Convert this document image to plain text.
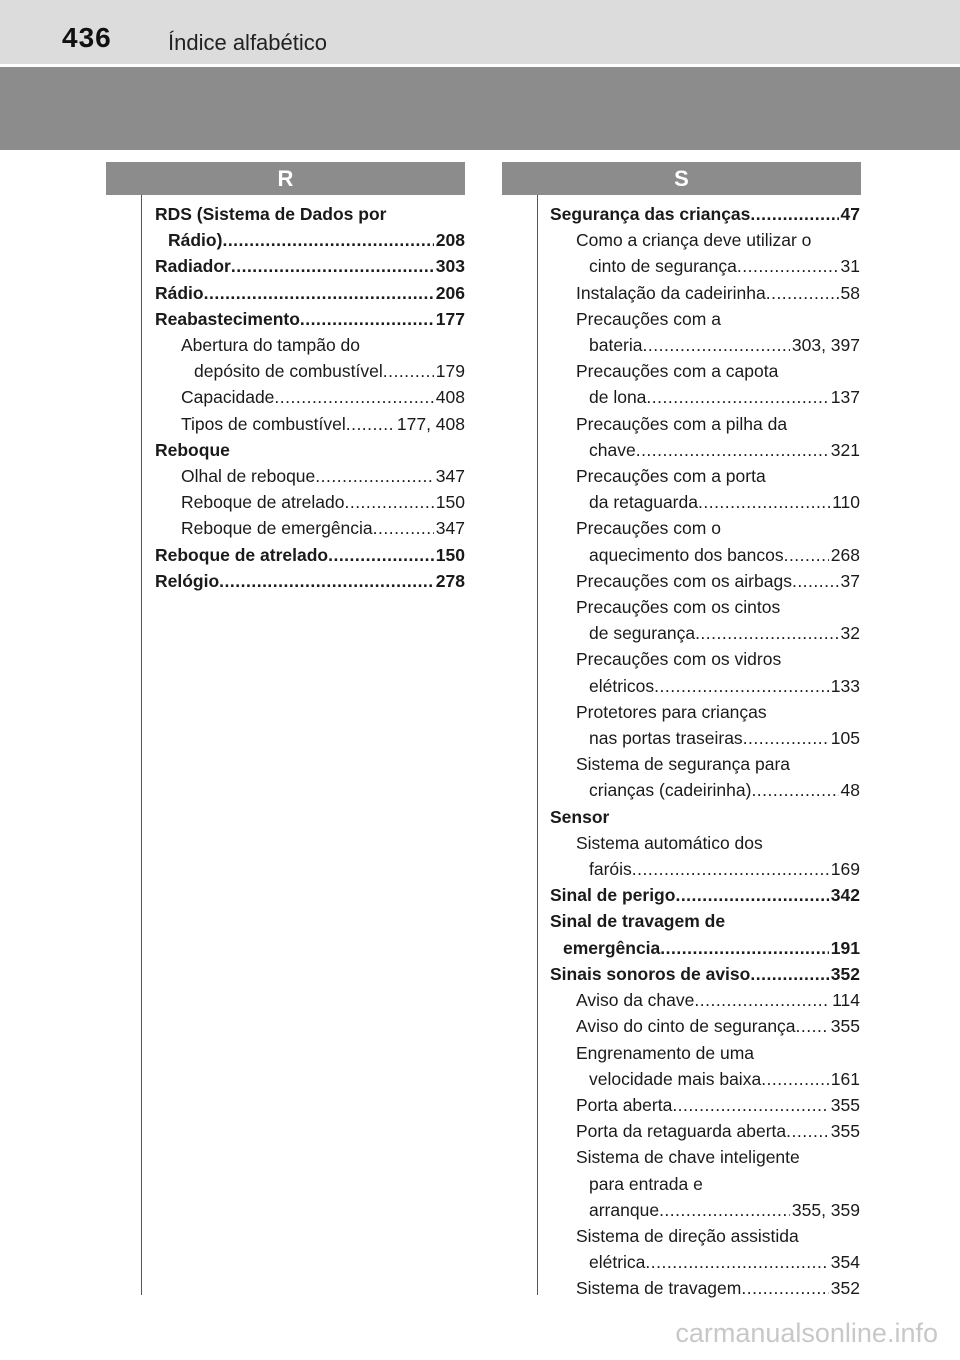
436	Índice alfabético
R	S
RDS (Sistema de Dados por
Rádio) .....	208
Radiador .....	303
Rádio .....	206
Reabastecimento .....	177
Abertura do tampão do
depósito de combustível .....	179
Capacidade .....	408
Tipos de combustível .....	177, 408
Reboque
Olhal de reboque .....	347
Reboque de atrelado .....	150
Reboque de emergência .....	347
Reboque de atrelado .....	150
Relógio .....	278
Segurança das crianças .....	47
Como a criança deve utilizar o
cinto de segurança .....	31
Instalação da cadeirinha .....	58
Precauções com a
bateria .....	303, 397
Precauções com a capota
de lona .....	137
Precauções com a pilha da
chave .....	321
Precauções com a porta
da retaguarda .....	110
Precauções com o
aquecimento dos bancos .....	268
Precauções com os airbags .....	37
Precauções com os cintos
de segurança .....	32
Precauções com os vidros
elétricos .....	133
Protetores para crianças
nas portas traseiras .....	105
Sistema de segurança para
crianças (cadeirinha) .....	48
Sensor
Sistema automático dos
faróis .....	169
Sinal de perigo .....	342
Sinal de travagem de
emergência .....	191
Sinais sonoros de aviso .....	352
Aviso da chave .....	114
Aviso do cinto de segurança ..... 355
Engrenamento de uma
velocidade mais baixa .....	161
Porta aberta .....	355
Porta da retaguarda aberta .....	355
Sistema de chave inteligente
para entrada e
arranque .....	355, 359
Sistema de direção assistida
elétrica .....	354
Sistema de travagem .....	352
carmanualsonline.info
